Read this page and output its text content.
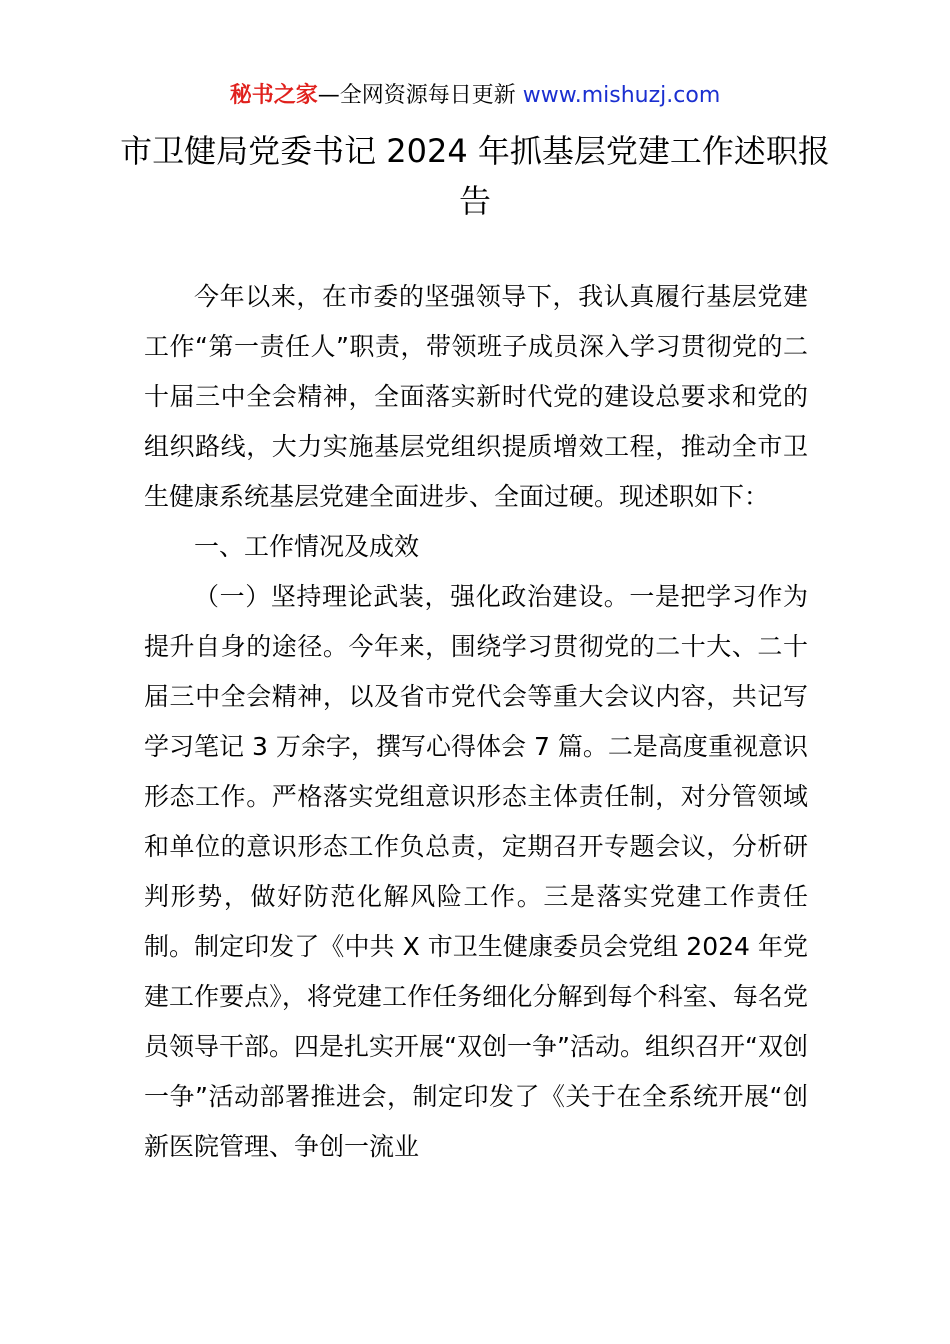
秘书之家—全网资源每日更新 www.mishuzj.com
市卫健局党委书记 2024 年抓基层党建工作述职报告

今年以来，在市委的坚强领导下，我认真履行基层党建工作“第一责任人”职责，带领班子成员深入学习贯彻党的二十届三中全会精神，全面落实新时代党的建设总要求和党的组织路线，大力实施基层党组织提质增效工程，推动全市卫生健康系统基层党建全面进步、全面过硬。现述职如下：

一、工作情况及成效

（一）坚持理论武装，强化政治建设。一是把学习作为提升自身的途径。今年来，围绕学习贯彻党的二十大、二十届三中全会精神，以及省市党代会等重大会议内容，共记写学习笔记 3 万余字，撰写心得体会 7 篇。二是高度重视意识形态工作。严格落实党组意识形态主体责任制，对分管领域和单位的意识形态工作负总责，定期召开专题会议，分析研判形势，做好防范化解风险工作。三是落实党建工作责任制。制定印发了《中共 X 市卫生健康委员会党组 2024 年党建工作要点》，将党建工作任务细化分解到每个科室、每名党员领导干部。四是扎实开展“双创一争”活动。组织召开“双创一争”活动部署推进会，制定印发了《关于在全系统开展“创新医院管理、争创一流业
